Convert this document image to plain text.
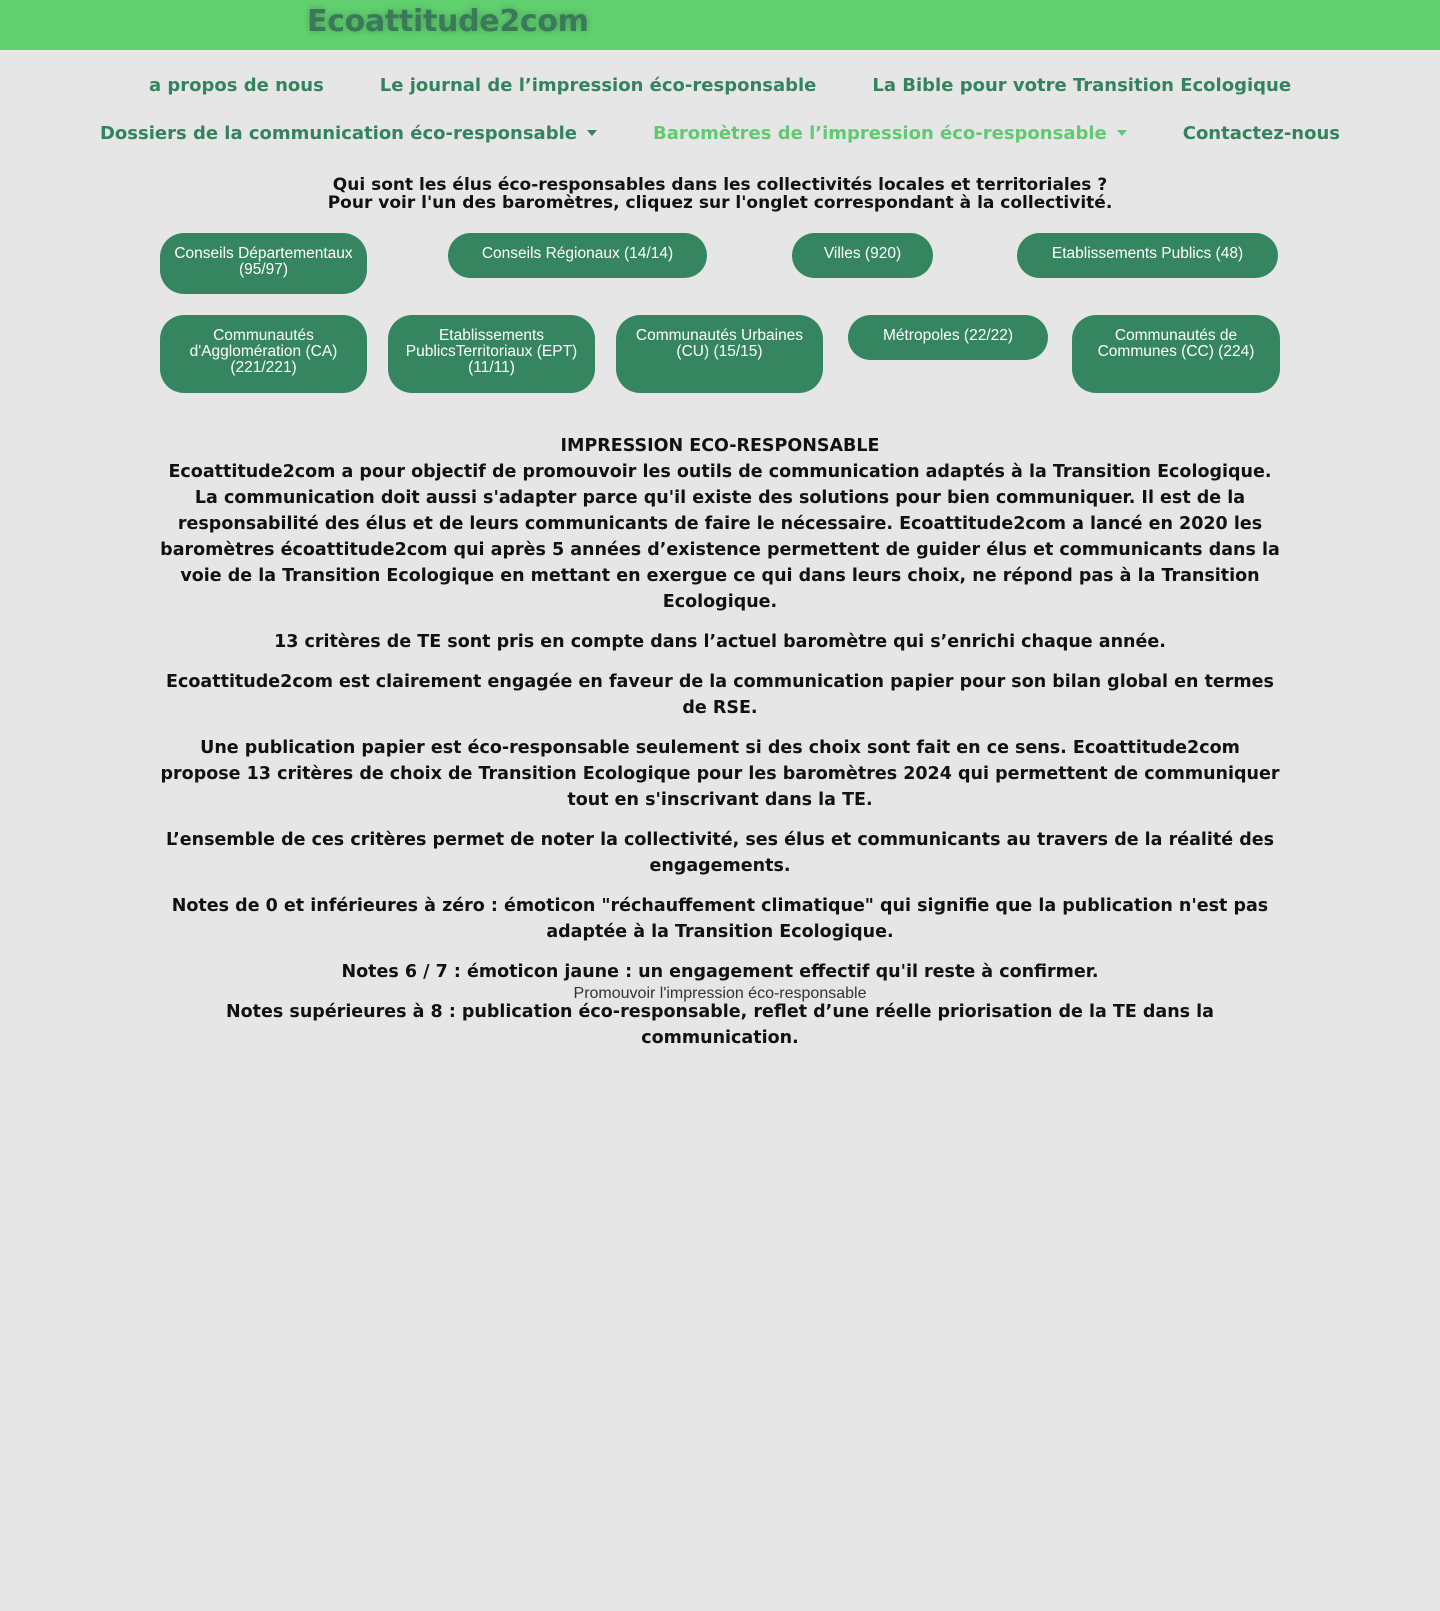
Ecoattitude2com
a propos de nous	Le journal de l’impression éco-responsable	La Bible pour votre Transition Ecologique
Dossiers de la communication éco-responsable	Baromètres de l’impression éco-responsable	Contactez-nous
Qui sont les élus éco-responsables dans les collectivités locales et territoriales ?
Pour voir l'un des baromètres, cliquez sur l'onglet correspondant à la collectivité.
Conseils Départementaux (95/97)
Conseils Régionaux (14/14)	Villes (920)	Etablissements Publics (48)
Communautés d'Agglomération (CA) (221/221)
Etablissements PublicsTerritoriaux (EPT) (11/11)
Communautés Urbaines (CU) (15/15)
Métropoles (22/22)	Communautés de Communes (CC) (224)
IMPRESSION ECO-RESPONSABLE

Ecoattitude2com a pour objectif de promouvoir les outils de communication adaptés à la Transition Ecologique. La communication doit aussi s'adapter parce qu'il existe des solutions pour bien communiquer. Il est de la responsabilité des élus et de leurs communicants de faire le nécessaire. Ecoattitude2com a lancé en 2020 les baromètres écoattitude2com qui après 5 années d’existence permettent de guider élus et communicants dans la voie de la Transition Ecologique en mettant en exergue ce qui dans leurs choix, ne répond pas à la Transition Ecologique.

13 critères de TE sont pris en compte dans l’actuel baromètre qui s’enrichi chaque année.

Ecoattitude2com est clairement engagée en faveur de la communication papier pour son bilan global en termes de RSE.

Une publication papier est éco-responsable seulement si des choix sont fait en ce sens. Ecoattitude2com propose 13 critères de choix de Transition Ecologique pour les baromètres 2024 qui permettent de communiquer tout en s'inscrivant dans la TE.

L’ensemble de ces critères permet de noter la collectivité, ses élus et communicants au travers de la réalité des engagements.

Notes de 0 et inférieures à zéro : émoticon "réchauffement climatique" qui signifie que la publication n'est pas adaptée à la Transition Ecologique.

Notes 6 / 7 : émoticon jaune : un engagement effectif qu'il reste à confirmer.

Notes supérieures à 8 : publication éco-responsable, reflet d’une réelle priorisation de la TE dans la communication.

Promouvoir l'impression éco-responsable
